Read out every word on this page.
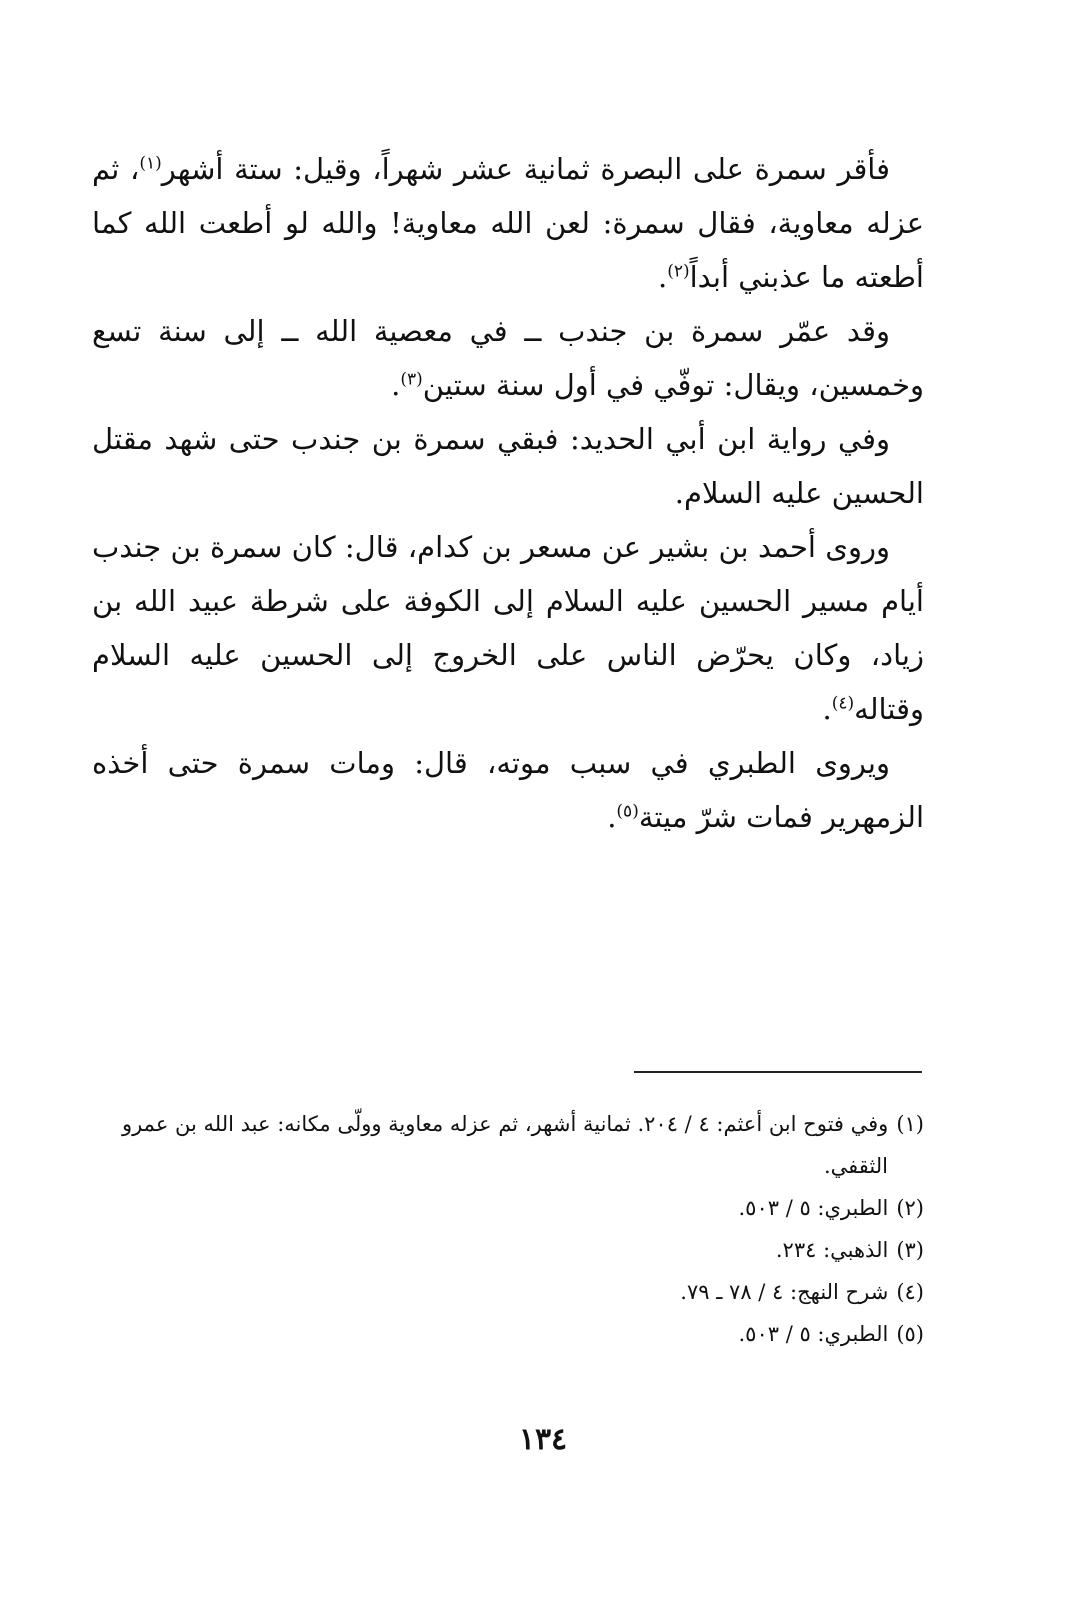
فأقر سمرة على البصرة ثمانية عشر شهراً، وقيل: ستة أشهر$^{(١)}$، ثم عزله معاوية، فقال سمرة: لعن الله معاوية! والله لو أطعت الله كما أطعته ما عذبني أبداً$^{(٢)}$.

وقد عمّر سمرة بن جندب ــ في معصية الله ــ إلى سنة تسع وخمسين، ويقال: توفّي في أول سنة ستين$^{(٣)}$.

وفي رواية ابن أبي الحديد: فبقي سمرة بن جندب حتى شهد مقتل الحسين عليه السلام.

وروى أحمد بن بشير عن مسعر بن كدام، قال: كان سمرة بن جندب أيام مسير الحسين عليه السلام إلى الكوفة على شرطة عبيد الله بن زياد، وكان يحرّض الناس على الخروج إلى الحسين عليه السلام وقتاله$^{(٤)}$.

ويروى الطبري في سبب موته، قال: ومات سمرة حتى أخذه الزمهرير فمات شرّ ميتة$^{(٥)}$.

(١)وفي فتوح ابن أعثم: ٤ / ٢٠٤. ثمانية أشهر، ثم عزله معاوية وولّى مكانه: عبد الله بن عمرو
الثقفي.

(٢)الطبري: ٥ / ٥٠٣.

(٣)الذهبي: ٢٣٤.

(٤)شرح النهج: ٤ / ٧٨ ـ ٧٩.

(٥)الطبري: ٥ / ٥٠٣.

١٣٤
